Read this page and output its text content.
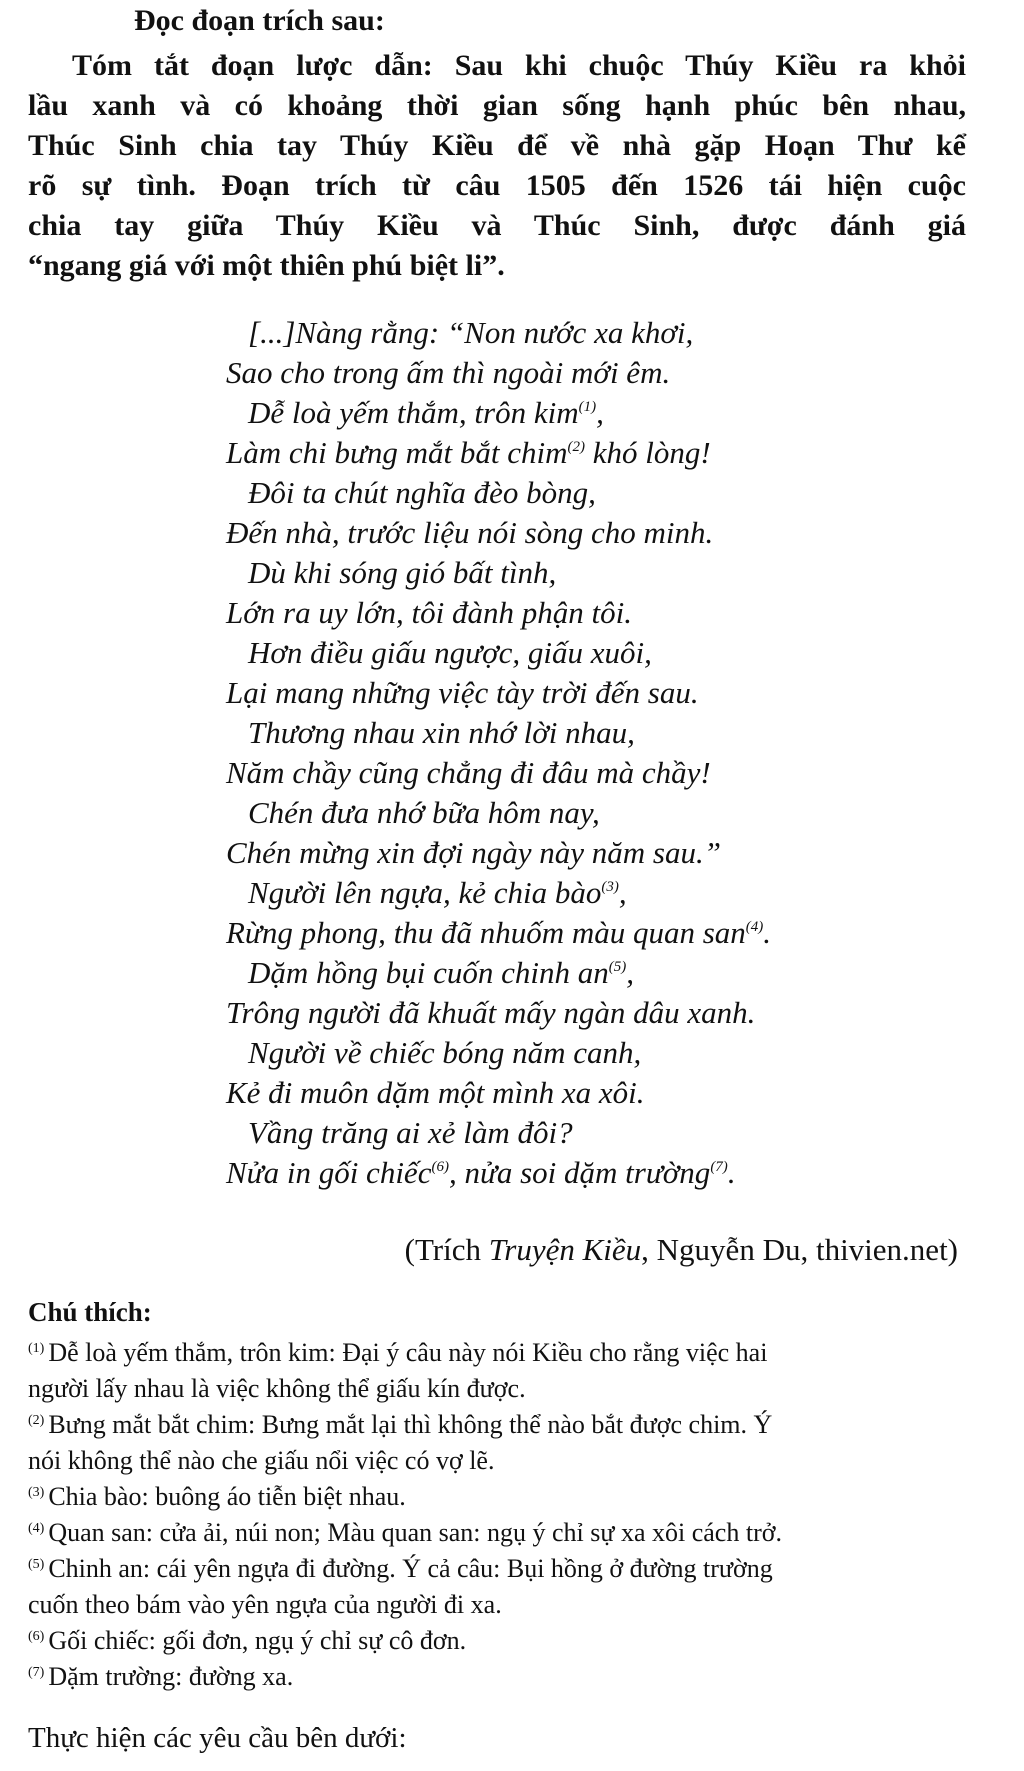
Đọc đoạn trích sau:
Tóm tắt đoạn lược dẫn: Sau khi chuộc Thúy Kiều ra khỏi
lầu xanh và có khoảng thời gian sống hạnh phúc bên nhau,
Thúc Sinh chia tay Thúy Kiều để về nhà gặp Hoạn Thư kể
rõ sự tình. Đoạn trích từ câu 1505 đến 1526 tái hiện cuộc
chia tay giữa Thúy Kiều và Thúc Sinh, được đánh giá
“ngang giá với một thiên phú biệt li”.
[...]Nàng rằng: “Non nước xa khơi,
Sao cho trong ấm thì ngoài mới êm.
Dễ loà yếm thắm, trôn kim$^{(1)}$,
Làm chi bưng mắt bắt chim$^{(2)}$ khó lòng!
Đôi ta chút nghĩa đèo bòng,
Đến nhà, trước liệu nói sòng cho minh.
Dù khi sóng gió bất tình,
Lớn ra uy lớn, tôi đành phận tôi.
Hơn điều giấu ngược, giấu xuôi,
Lại mang những việc tày trời đến sau.
Thương nhau xin nhớ lời nhau,
Năm chầy cũng chẳng đi đâu mà chầy!
Chén đưa nhớ bữa hôm nay,
Chén mừng xin đợi ngày này năm sau.”
Người lên ngựa, kẻ chia bào$^{(3)}$,
Rừng phong, thu đã nhuốm màu quan san$^{(4)}$.
Dặm hồng bụi cuốn chinh $an^{(5)}$,
Trông người đã khuất mấy ngàn dâu xanh.
Người về chiếc bóng năm canh,
Kẻ đi muôn dặm một mình xa xôi.
Vầng trăng ai xẻ làm đôi?
Nửa in gối chiếc$^{(6)}$, nửa soi dặm trường$^{(7)}$.
(Trích Truyện Kiều, Nguyễn Du, thivien.net)
Chú thích:
$^{(1)}$ Dễ loà yếm thắm, trôn kim: Đại ý câu này nói Kiều cho rằng việc hai
người lấy nhau là việc không thể giấu kín được.
$^{(2)}$ Bưng mắt bắt chim: Bưng mắt lại thì không thể nào bắt được chim. Ý
nói không thể nào che giấu nổi việc có vợ lẽ.
$^{(3)}$ Chia bào: buông áo tiễn biệt nhau.
$^{(4)}$ Quan san: cửa ải, núi non; Màu quan san: ngụ ý chỉ sự xa xôi cách trở.
$^{(5)}$ Chinh an: cái yên ngựa đi đường. Ý cả câu: Bụi hồng ở đường trường
cuốn theo bám vào yên ngựa của người đi xa.
$^{(6)}$ Gối chiếc: gối đơn, ngụ ý chỉ sự cô đơn.
$^{(7)}$ Dặm trường: đường xa.
Thực hiện các yêu cầu bên dưới:
